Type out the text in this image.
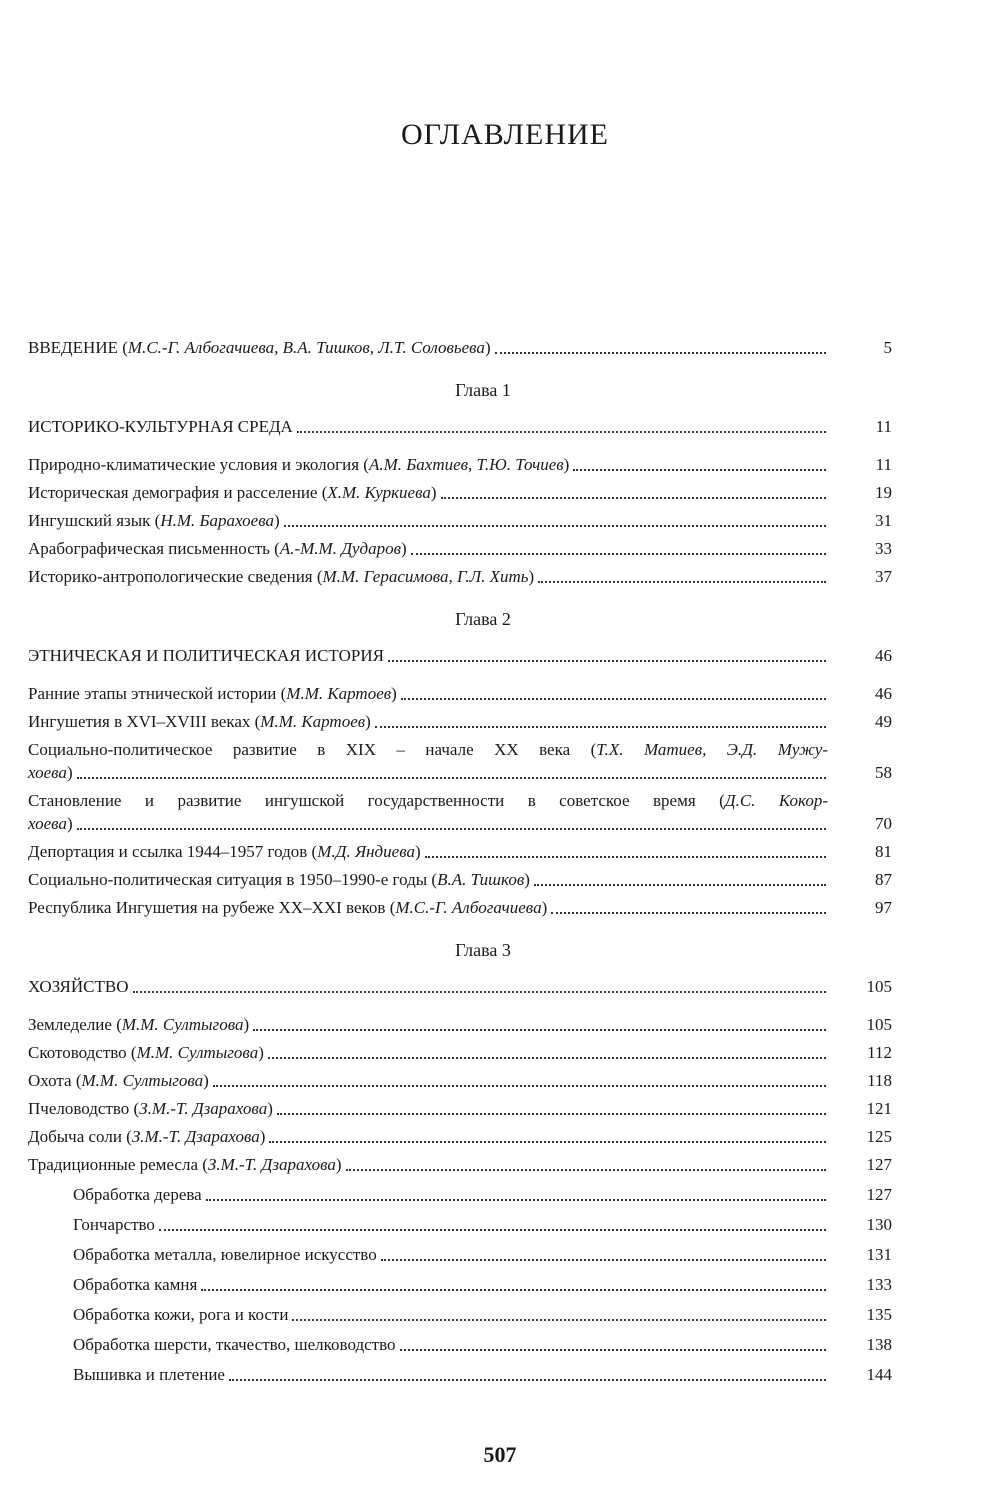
ОГЛАВЛЕНИЕ
ВВЕДЕНИЕ (М.С.-Г. Албогачиева, В.А. Тишков, Л.Т. Соловьева)	5
Глава 1
ИСТОРИКО-КУЛЬТУРНАЯ СРЕДА	11
Природно-климатические условия и экология (А.М. Бахтиев, Т.Ю. Точиев)	11
Историческая демография и расселение (Х.М. Куркиева)	19
Ингушский язык (Н.М. Барахоева)	31
Арабографическая письменность (А.-М.М. Дударов)	33
Историко-антропологические сведения (М.М. Герасимова, Г.Л. Хить)	37
Глава 2
ЭТНИЧЕСКАЯ И ПОЛИТИЧЕСКАЯ ИСТОРИЯ	46
Ранние этапы этнической истории (М.М. Картоев)	46
Ингушетия в XVI–XVIII веках (М.М. Картоев)	49
Социально-политическое развитие в XIX – начале XX века (Т.Х. Матиев, Э.Д. Мужу-
хоева)	58
Становление и развитие ингушской государственности в советское время (Д.С. Кокор-
хоева)	70
Депортация и ссылка 1944–1957 годов (М.Д. Яндиева)	81
Социально-политическая ситуация в 1950–1990-е годы (В.А. Тишков)	87
Республика Ингушетия на рубеже XX–XXI веков (М.С.-Г. Албогачиева)	97
Глава 3
ХОЗЯЙСТВО	105
Земледелие (М.М. Султыгова)	105
Скотоводство (М.М. Султыгова)	112
Охота (М.М. Султыгова)	118
Пчеловодство (З.М.-Т. Дзарахова)	121
Добыча соли (З.М.-Т. Дзарахова)	125
Традиционные ремесла (З.М.-Т. Дзарахова)	127
Обработка дерева	127
Гончарство	130
Обработка металла, ювелирное искусство	131
Обработка камня	133
Обработка кожи, рога и кости	135
Обработка шерсти, ткачество, шелководство	138
Вышивка и плетение	144
507
